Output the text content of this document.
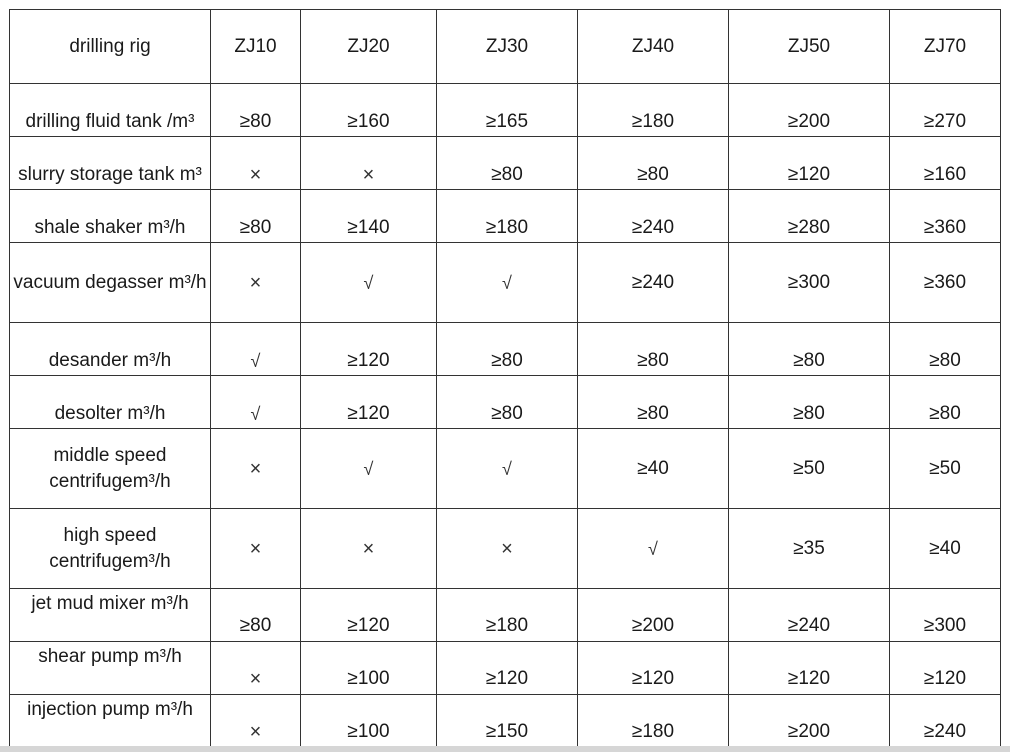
drilling rig	ZJ10	ZJ20	ZJ30	ZJ40	ZJ50	ZJ70
drilling fluid tank /m³	≥80	≥160	≥165	≥180	≥200	≥270
slurry storage tank m³	×	×	≥80	≥80	≥120	≥160
shale shaker m³/h	≥80	≥140	≥180	≥240	≥280	≥360
vacuum degasser m³/h	×	√	√	≥240	≥300	≥360
desander m³/h	√	≥120	≥80	≥80	≥80	≥80
desolter m³/h	√	≥120	≥80	≥80	≥80	≥80
middle speed centrifugem³/h	×	√	√	≥40	≥50	≥50
high speed centrifugem³/h	×	×	×	√	≥35	≥40
jet mud mixer m³/h	≥80	≥120	≥180	≥200	≥240	≥300
shear pump m³/h	×	≥100	≥120	≥120	≥120	≥120
injection pump m³/h	×	≥100	≥150	≥180	≥200	≥240
